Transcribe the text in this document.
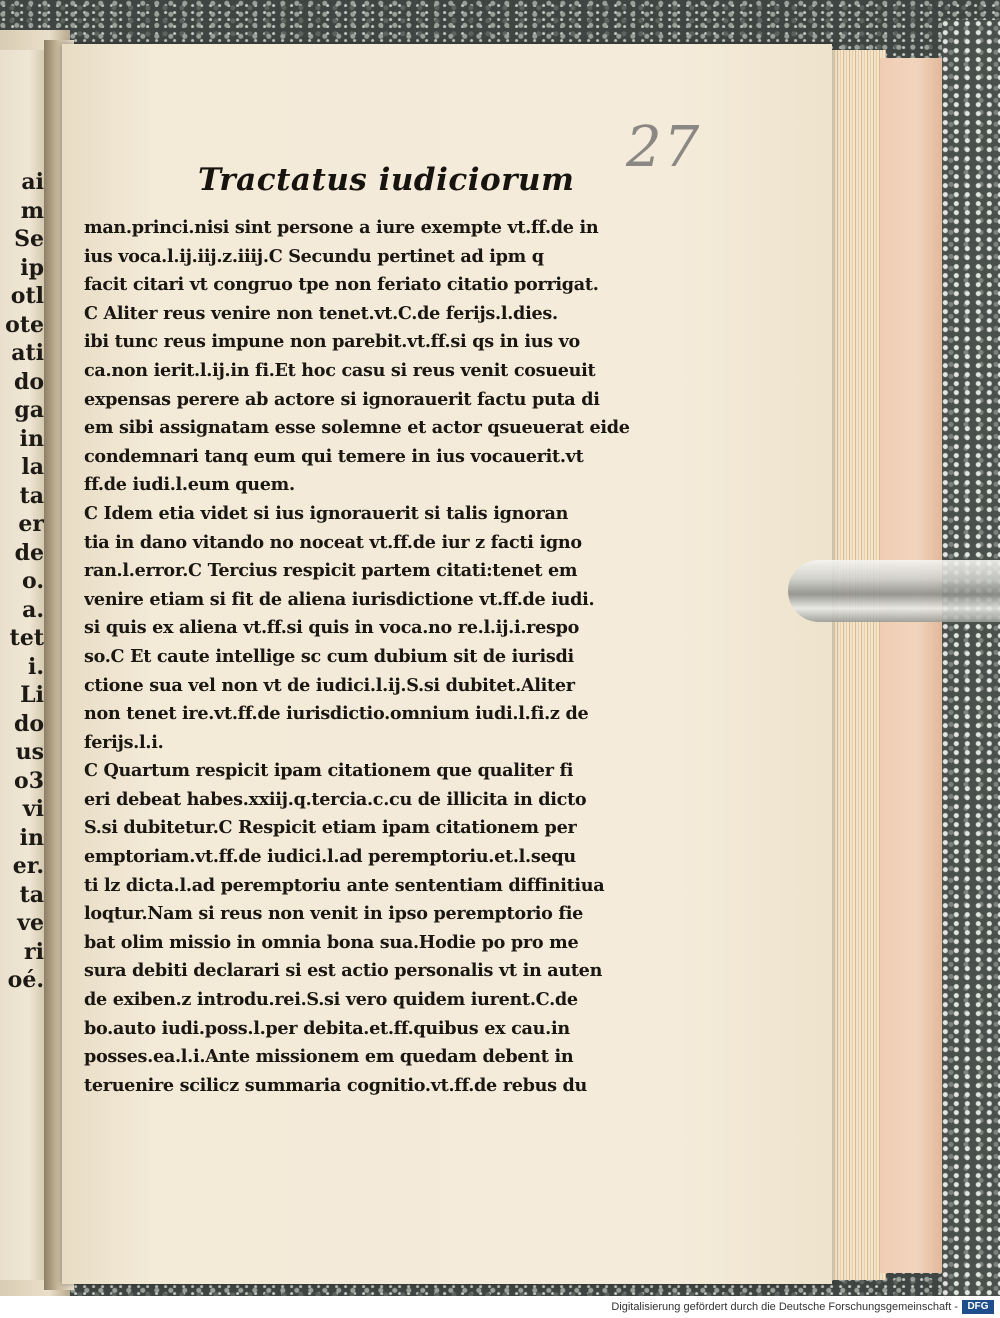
ai
m
Se
ip
otl
ote
ati
do
ga
in
la
ta
er
de
o.
a.
tet
i.
Li
do
us
o3
vi
in
er.
ta
ve
ri
oé.
27
Tractatus iudiciorum
man.princi.nisi sint persone a iure exempte vt.ff.de in
ius voca.l.ij.iij.z.iiij.C Secundu pertinet ad ipm q
facit citari vt congruo tpe non feriato citatio porrigat.
C Aliter reus venire non tenet.vt.C.de ferijs.l.dies.
ibi tunc reus impune non parebit.vt.ff.si qs in ius vo
ca.non ierit.l.ij.in fi.Et hoc casu si reus venit cosueuit
expensas perere ab actore si ignorauerit factu puta di
em sibi assignatam esse solemne et actor qsueuerat eide
condemnari tanq eum qui temere in ius vocauerit.vt
ff.de iudi.l.eum quem.
C Idem etia videt si ius ignorauerit si talis ignoran
tia in dano vitando no noceat vt.ff.de iur z facti igno
ran.l.error.C Tercius respicit partem citati:tenet em
venire etiam si fit de aliena iurisdictione vt.ff.de iudi.
si quis ex aliena vt.ff.si quis in voca.no re.l.ij.i.respo
so.C Et caute intellige sc cum dubium sit de iurisdi
ctione sua vel non vt de iudici.l.ij.S.si dubitet.Aliter
non tenet ire.vt.ff.de iurisdictio.omnium iudi.l.fi.z de
ferijs.l.i.
C Quartum respicit ipam citationem que qualiter fi
eri debeat habes.xxiij.q.tercia.c.cu de illicita in dicto
S.si dubitetur.C Respicit etiam ipam citationem per
emptoriam.vt.ff.de iudici.l.ad peremptoriu.et.l.sequ
ti lz dicta.l.ad peremptoriu ante sententiam diffinitiua
loqtur.Nam si reus non venit in ipso peremptorio fie
bat olim missio in omnia bona sua.Hodie po pro me
sura debiti declarari si est actio personalis vt in auten
de exiben.z introdu.rei.S.si vero quidem iurent.C.de
bo.auto iudi.poss.l.per debita.et.ff.quibus ex cau.in
posses.ea.l.i.Ante missionem em quedam debent in
teruenire scilicz summaria cognitio.vt.ff.de rebus du
Digitalisierung gefördert durch die Deutsche Forschungsgemeinschaft - DFG
